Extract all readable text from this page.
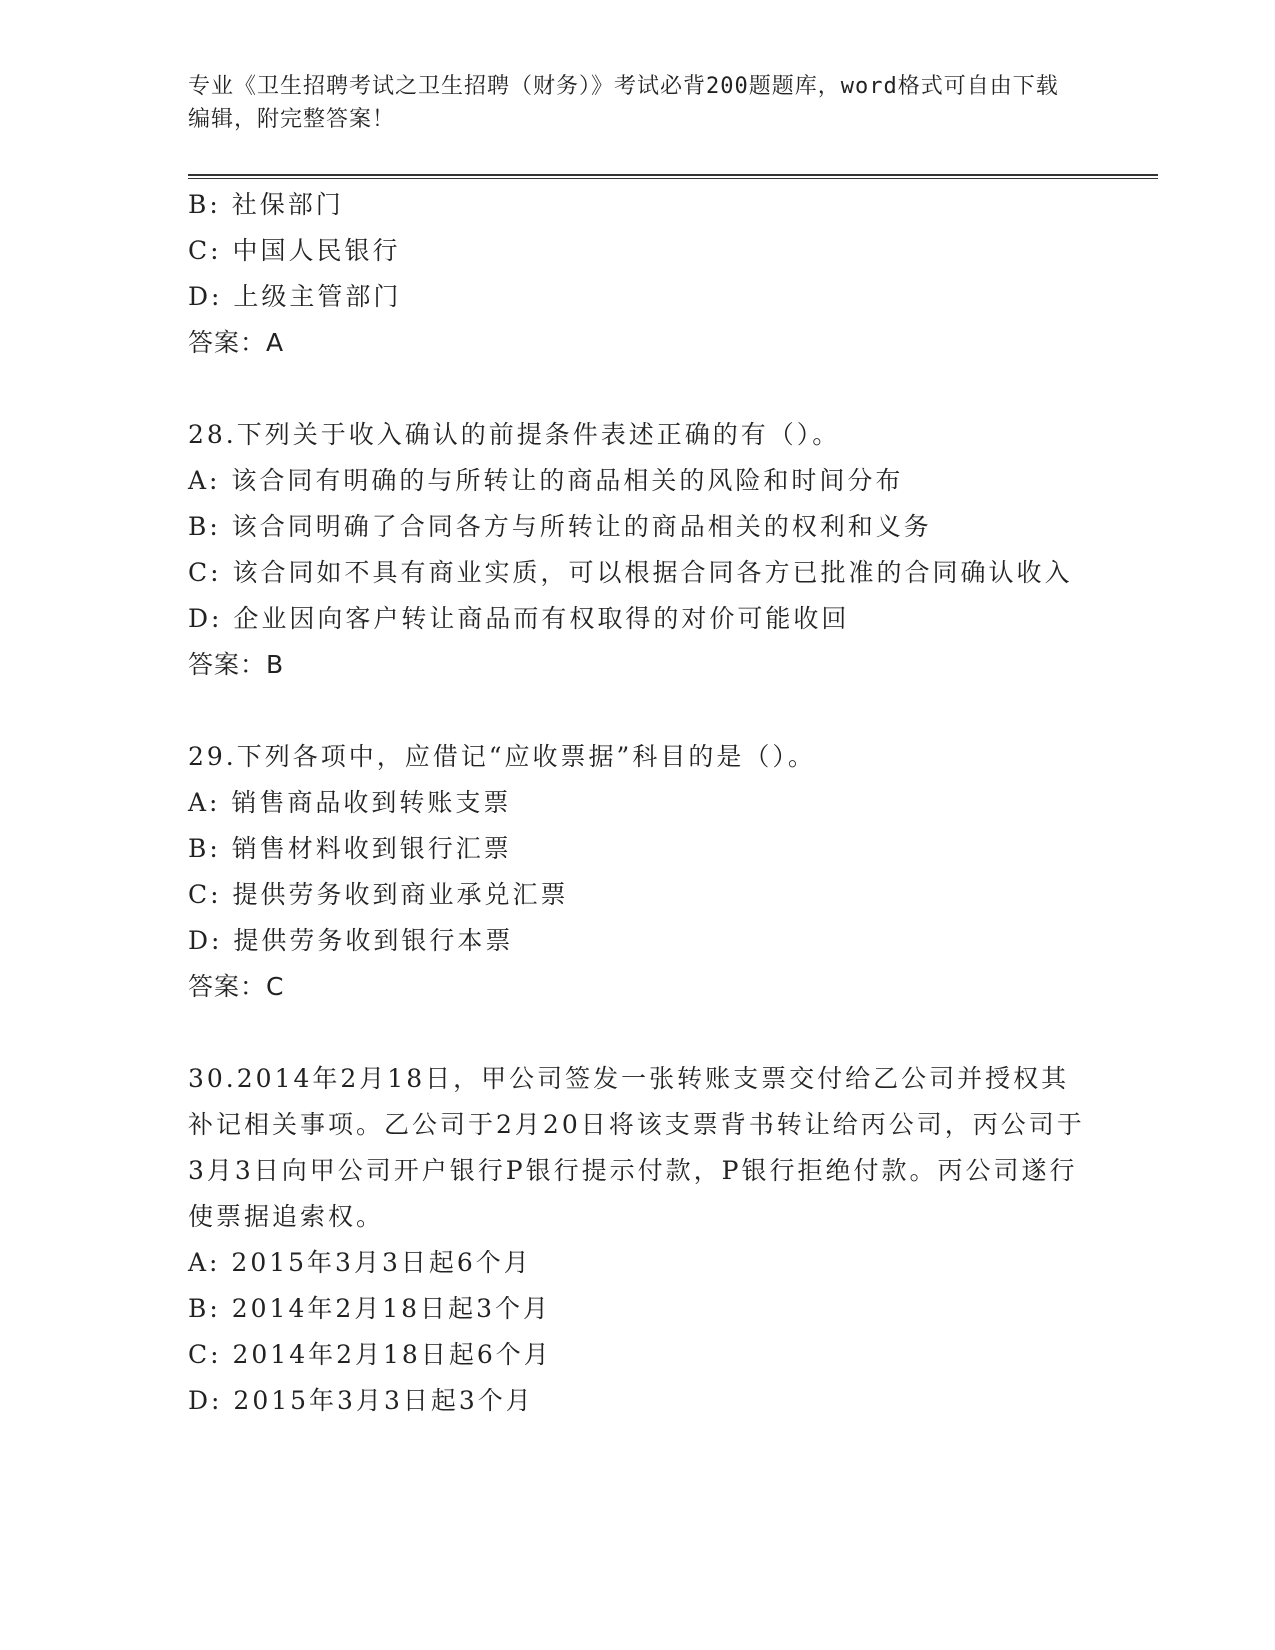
专业《卫生招聘考试之卫生招聘（财务）》考试必背200题题库，word格式可自由下载编辑，附完整答案！
B: 社保部门
C: 中国人民银行
D: 上级主管部门
答案：A
28.下列关于收入确认的前提条件表述正确的有（）。
A: 该合同有明确的与所转让的商品相关的风险和时间分布
B: 该合同明确了合同各方与所转让的商品相关的权利和义务
C: 该合同如不具有商业实质，可以根据合同各方已批准的合同确认收入
D: 企业因向客户转让商品而有权取得的对价可能收回
答案：B
29.下列各项中，应借记“应收票据”科目的是（）。
A: 销售商品收到转账支票
B: 销售材料收到银行汇票
C: 提供劳务收到商业承兑汇票
D: 提供劳务收到银行本票
答案：C
30.2014年2月18日，甲公司签发一张转账支票交付给乙公司并授权其补记相关事项。乙公司于2月20日将该支票背书转让给丙公司，丙公司于3月3日向甲公司开户银行P银行提示付款，P银行拒绝付款。丙公司遂行使票据追索权。
A: 2015年3月3日起6个月
B: 2014年2月18日起3个月
C: 2014年2月18日起6个月
D: 2015年3月3日起3个月
